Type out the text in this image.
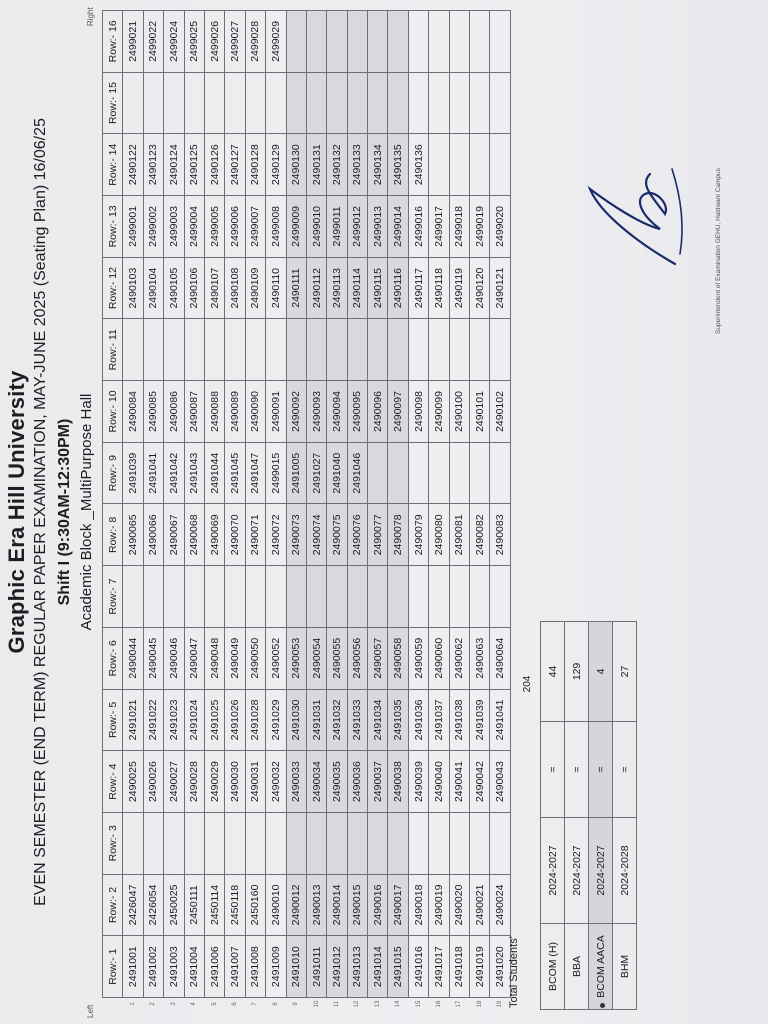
Graphic Era Hill University EVEN SEMESTER (END TERM) REGULAR PAPER EXAMINATION, MAY-JUNE 2025 (Seating Plan) 16/06/25 Shift I (9:30AM-12:30PM) Academic Block _MultiPurpose Hall
Left
Right
	Row:- 1	Row:- 2	Row:- 3	Row:- 4	Row:- 5	Row:- 6	Row:- 7	Row:- 8	Row:- 9	Row:- 10	Row:- 11	Row:- 12	Row:- 13	Row:- 14	Row:- 15	Row:- 16
1	2491001	2426047		2490025	2491021	2490044		2490065	2491039	2490084		2490103	2499001	2490122		2499021
2	2491002	2426054		2490026	2491022	2490045		2490066	2491041	2490085		2490104	2499002	2490123		2499022
3	2491003	2450025		2490027	2491023	2490046		2490067	2491042	2490086		2490105	2499003	2490124		2499024
4	2491004	2450111		2490028	2491024	2490047		2490068	2491043	2490087		2490106	2499004	2490125		2499025
5	2491006	2450114		2490029	2491025	2490048		2490069	2491044	2490088		2490107	2499005	2490126		2499026
6	2491007	2450118		2490030	2491026	2490049		2490070	2491045	2490089		2490108	2499006	2490127		2499027
7	2491008	2450160		2490031	2491028	2490050		2490071	2491047	2490090		2490109	2499007	2490128		2499028
8	2491009	2490010		2490032	2491029	2490052		2490072	2499015	2490091		2490110	2499008	2490129		2499029
9	2491010	2490012		2490033	2491030	2490053		2490073	2491005	2490092		2490111	2499009	2490130		
10	2491011	2490013		2490034	2491031	2490054		2490074	2491027	2490093		2490112	2499010	2490131		
11	2491012	2490014		2490035	2491032	2490055		2490075	2491040	2490094		2490113	2499011	2490132		
12	2491013	2490015		2490036	2491033	2490056		2490076	2491046	2490095		2490114	2499012	2490133		
13	2491014	2490016		2490037	2491034	2490057		2490077		2490096		2490115	2499013	2490134		
14	2491015	2490017		2490038	2491035	2490058		2490078		2490097		2490116	2499014	2490135		
15	2491016	2490018		2490039	2491036	2490059		2490079		2490098		2490117	2499016	2490136		
16	2491017	2490019		2490040	2491037	2490060		2490080		2490099		2490118	2499017			
17	2491018	2490020		2490041	2491038	2490062		2490081		2490100		2490119	2499018			
18	2491019	2490021		2490042	2491039	2490063		2490082		2490101		2490120	2499019			
19	2491020	2490024		2490043	2491041	2490064		2490083		2490102		2490121	2499020			
Total Students'
204
BCOM (H)	2024-2027	=	44
BBA	2024-2027	=	129
BCOM AACA	2024-2027	=	4
BHM	2024-2028	=	27
Superintendent of Examination GEHU, Haldwani Campus
